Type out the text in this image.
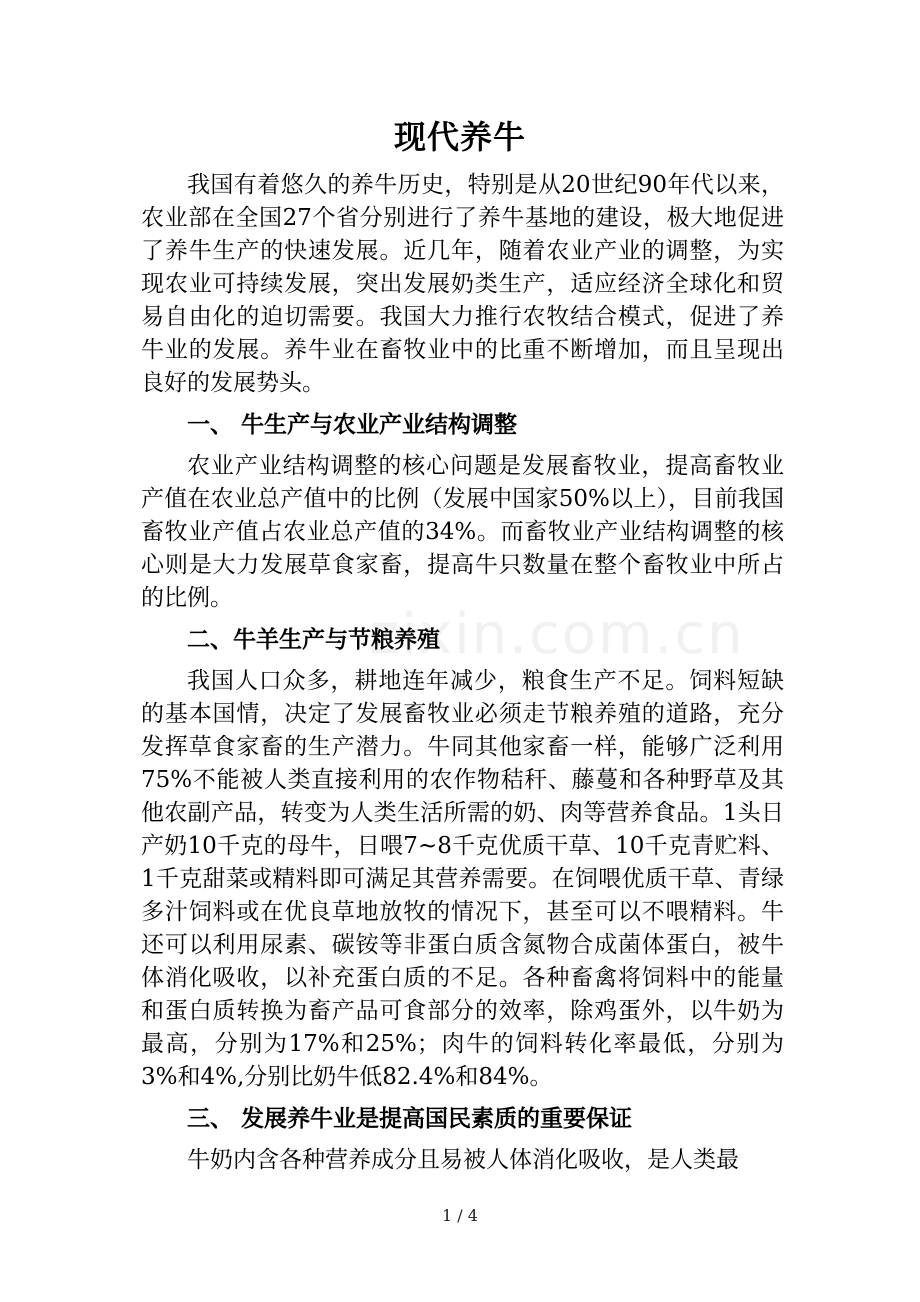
现代养牛

我国有着悠久的养牛历史，特别是从20世纪90年代以来，农业部在全国27个省分别进行了养牛基地的建设，极大地促进了养牛生产的快速发展。近几年，随着农业产业的调整，为实现农业可持续发展，突出发展奶类生产，适应经济全球化和贸易自由化的迫切需要。我国大力推行农牧结合模式，促进了养牛业的发展。养牛业在畜牧业中的比重不断增加，而且呈现出良好的发展势头。

一、 牛生产与农业产业结构调整

农业产业结构调整的核心问题是发展畜牧业，提高畜牧业产值在农业总产值中的比例（发展中国家50%以上），目前我国畜牧业产值占农业总产值的34%。而畜牧业产业结构调整的核心则是大力发展草食家畜，提高牛只数量在整个畜牧业中所占的比例。

二、牛羊生产与节粮养殖

我国人口众多，耕地连年减少，粮食生产不足。饲料短缺的基本国情，决定了发展畜牧业必须走节粮养殖的道路，充分发挥草食家畜的生产潜力。牛同其他家畜一样，能够广泛利用75%不能被人类直接利用的农作物秸秆、藤蔓和各种野草及其他农副产品，转变为人类生活所需的奶、肉等营养食品。1头日产奶10千克的母牛，日喂7~8千克优质干草、10千克青贮料、1千克甜菜或精料即可满足其营养需要。在饲喂优质干草、青绿多汁饲料或在优良草地放牧的情况下，甚至可以不喂精料。牛还可以利用尿素、碳铵等非蛋白质含氮物合成菌体蛋白，被牛体消化吸收，以补充蛋白质的不足。各种畜禽将饲料中的能量和蛋白质转换为畜产品可食部分的效率，除鸡蛋外，以牛奶为最高，分别为17%和25%；肉牛的饲料转化率最低，分别为3%和4%,分别比奶牛低82.4%和84%。

三、 发展养牛业是提高国民素质的重要保证

牛奶内含各种营养成分且易被人体消化吸收，是人类最

zixin.com.cn
1 / 4
